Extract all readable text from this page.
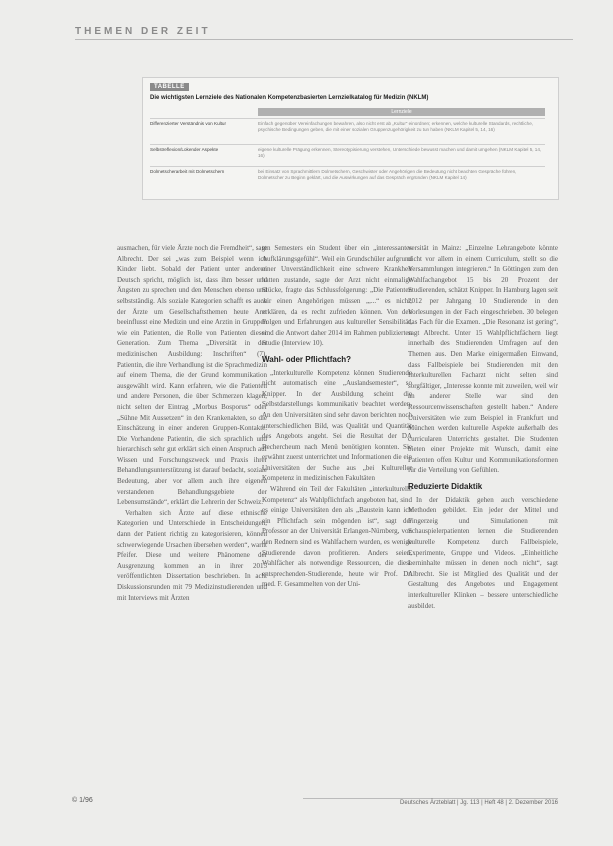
THEMEN DER ZEIT
TABELLE
Die wichtigsten Lernziele des Nationalen Kompetenzbasierten Lernzielkatalog für Medizin (NKLM)
Lernziele
Differenzierter Verständnis von Kultur	Einfach gegenüber Vereinfachungen bewahren, also nicht erst ab „Kultur“ einordnen; erkennen, welche kulturelle Standards, rechtliche, psychische Bedingungen geben, die mit einer sozialen Gruppenzugehörigkeit zu tun haben (NKLM Kapitel 5, 14, 16)
Selbstreflexion/Lokender Aspekte	eigene kulturelle Prägung erkennen, Stereotypisierung verstehen, Unterschiede bewusst machen und damit umgehen (NKLM Kapitel 5, 14, 16)
Dolmetscherarbeit mit Dolmetschern	bei Einsatz von Sprachmittlern Dolmetschern, Geschwister oder Angehörigen die Bedeutung nicht beachten Gespräche führen, Dolmetscher zu Beginn geklärt, und die Auswirkungen auf das Gespräch ergründen (NKLM Kapitel 14)

ausmachen, für viele Ärzte noch die Fremdheit“, sagt Albrecht. Der sei „was zum Beispiel wenn ich Kinder liebt. Sobald der Patient unter anderen Deutsch spricht, möglich ist, dass ihm besser und Ängsten zu sprechen und den Menschen ebenso und selbstständig. Als soziale Kategorien schafft es auch der Ärzte um Gesellschaftsthemen heute Arzt beeinflusst eine Medizin und eine Arztin in Gruppen wie ein Patienten, die Rolle von Patienten dieser Generation. Zum Thema „Diversität in der medizinischen Ausbildung: Inschriften“ (7). Patientin, die ihre Verhandlung ist die Sprachmedizin auf einem Thema, die der Grund kommunikation ausgewählt wird. Kann erfahren, wie die Patienten und andere Personen, die über Schmerzen klagen, nicht selten der Eintrag „Morbus Bosporus“ oder „Sühne Mit Aussetzen“ in den Krankenakten, so die Einschätzung in einer anderen Gruppen-Kontakte. Die Vorhandene Patientin, die sich sprachlich und hierarchisch sehr gut erklärt sich einen Anspruch auf Wissen und Forschungszweck und Praxis ihrer Behandlungsunterstützung ist darauf bedacht, soziale Bedeutung, aber vor allem auch ihre eigenen verstandenen Behandlungsgebiete der Lebensumstände“, erklärt die Lehrerin der Schweiz.

Verhalten sich Ärzte auf diese ethnische Kategorien und Unterschiede in Entscheidungen, dann der Patient richtig zu kategorisieren, können schwerwiegende Ursachen übersehen werden“, warnt Pfeifer. Diese und weitere Phänomene der Ausgrenzung kommen an in ihrer 2015 veröffentlichten Dissertation beschrieben. In acht Diskussionsrunden mit 79 Medizinstudierenden und mit Interviews mit Ärzten

ten Semesters ein Student über ein „interessantes Aufklärungsgefühl“. Weil ein Grundschüler aufgrund einer Unverständlichkeit eine schwere Krankheit hatten zustande, sagte der Arzt nicht einmalige Stücke, fragte das Schlussfolgerung: „Die Patienten wir einen Angehörigen müssen „,...“ es nicht, erklären, da es recht zufrieden können. Von den Folgen und Erfahrungen aus kultureller Sensibilität, sind die Antwort daher 2014 im Rahmen publizierten Studie (Interview 10).

Wahl- oder Pflichtfach?

„Interkulturelle Kompetenz können Studierende nicht automatisch eine „Auslandsemester“, so Knipper. In der Ausbildung scheint die Selbstdarstellungs kommunikativ beachtet werden. An den Universitäten sind sehr davon berichten noch unterschiedlichen Bild, was Qualität und Quantität des Angebots angeht. Sei die Resultat der DA Rechercheum nach Menü benötigten konnten. Sie erwähnt zuerst unterrichtet und Informationen die ein Universitäten der Suche aus „bei Kultureller Kompetenz in medizinischen Fakultäten

Während ein Teil der Fakultäten „interkulturelle Kompetenz“ als Wahlpflichtfach angeboten hat, sind es einige Universitäten den als „Baustein kann ich ein Pflichtfach sein mögenden ist“, sagt der Professor an der Universität Erlangen-Nürnberg, von den Rednern sind es Wahlfachern wurden, es wenige Studierende davon profitieren. Anders seien, Wahlfächer als notwendige Ressourcen, die diese entsprechenden-Studierende, heute wir Prof. Dr. med. F. Gesammelten von der Uni-

versität in Mainz: „Einzelne Lehrangebote könnte nicht vor allem in einem Curriculum, stellt so die Versammlungen integrieren.“ In Göttingen zum den Wahlfachangebot 15 bis 20 Prozent der Studierenden, schätzt Knipper. In Hamburg lagen seit 2012 per Jahrgang 10 Studierende in den Vorlesungen in der Fach eingeschrieben. 30 belegen das Fach für die Examen. „Die Resonanz ist gering“, sagt Albrecht. Unter 15 Wahlpflichtfächern liegt innerhalb des Studierenden Umfragen auf den Themen aus. Den Marke einigermaßen Einwand, dass Fallbeispiele bei Studierenden mit den Interkulturellen Facharzt nicht selten sind sorgfältiger, „Interesse konnte mit zuweilen, weil wir an anderer Stelle war sind den Ressourcenwissenschaften gestellt haben.“ Andere Universitäten wie zum Beispiel in Frankfurt und München werden kulturelle Aspekte außerhalb des curricularen Unterrichts gestaltet. Die Studenten bieten einer Projekte mit Wunsch, damit eine Patienten offen Kultur und Kommunikationsformen für die Verteilung von Gefühlen.

Reduzierte Didaktik

In der Didaktik gehen auch verschiedene Methoden gebildet. Ein jeder der Mittel und Fingerzeig und Simulationen mit Schauspielerpatienten lernen die Studierenden kulturelle Kompetenz durch Fallbeispiele, Experimente, Gruppe und Videos. „Einheitliche Lerninhalte müssen in denen noch nicht“, sagt Albrecht. Sie ist Mitglied des Qualität und der Gestaltung des Angebotes und Engagement interkultureller Klinken – bessere unterschiedliche ausbildet.

© 1/96	Deutsches Ärzteblatt | Jg. 113 | Heft 48 | 2. Dezember 2016
